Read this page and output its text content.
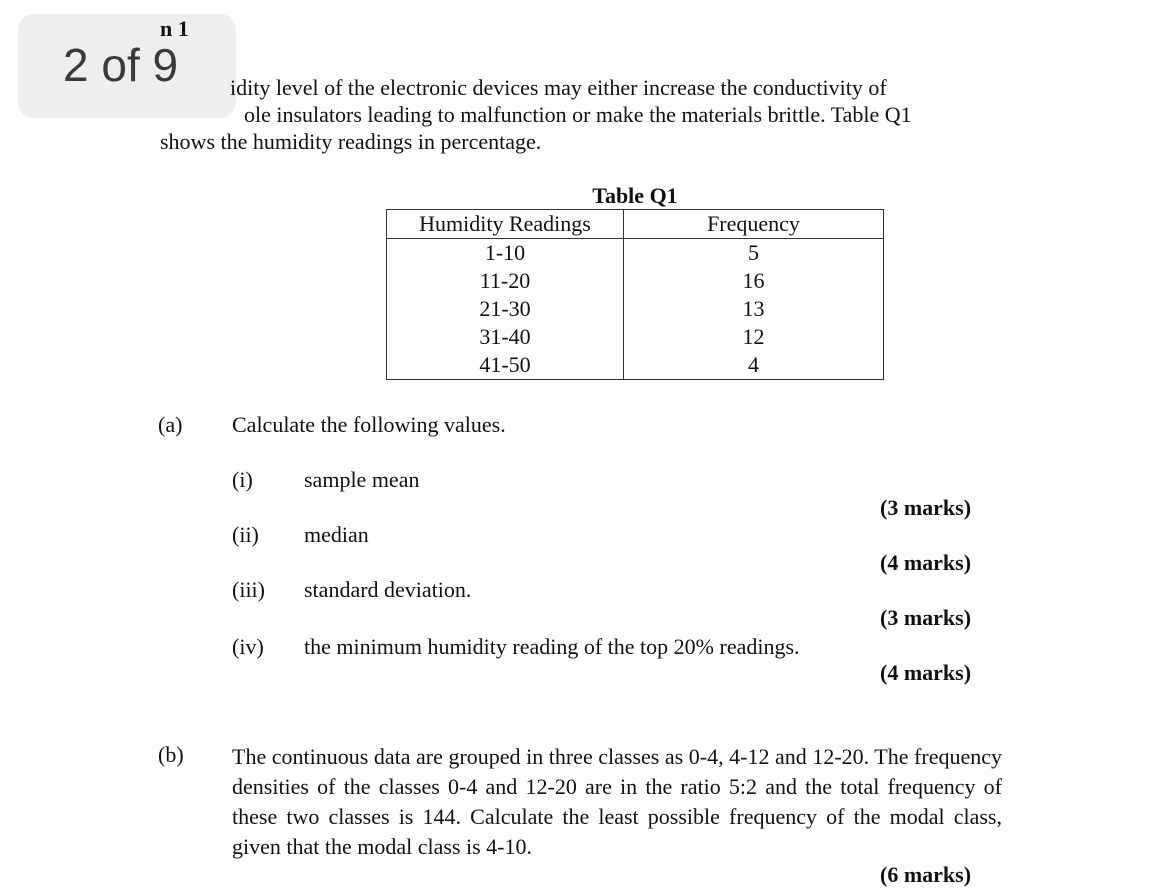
2 of 9
n 1
idity level of the electronic devices may either increase the conductivity of
ole insulators leading to malfunction or make the materials brittle. Table Q1
shows the humidity readings in percentage.
Table Q1
Humidity Readings	Frequency
1-10	5
11-20	16
21-30	13
31-40	12
41-50	4
(a) Calculate the following values.
(i) sample mean
(3 marks)
(ii) median
(4 marks)
(iii) standard deviation.
(3 marks)
(iv) the minimum humidity reading of the top 20% readings.
(4 marks)
(b) The continuous data are grouped in three classes as 0-4, 4-12 and 12-20. The frequency densities of the classes 0-4 and 12-20 are in the ratio 5:2 and the total frequency of these two classes is 144. Calculate the least possible frequency of the modal class, given that the modal class is 4-10.
(6 marks)
